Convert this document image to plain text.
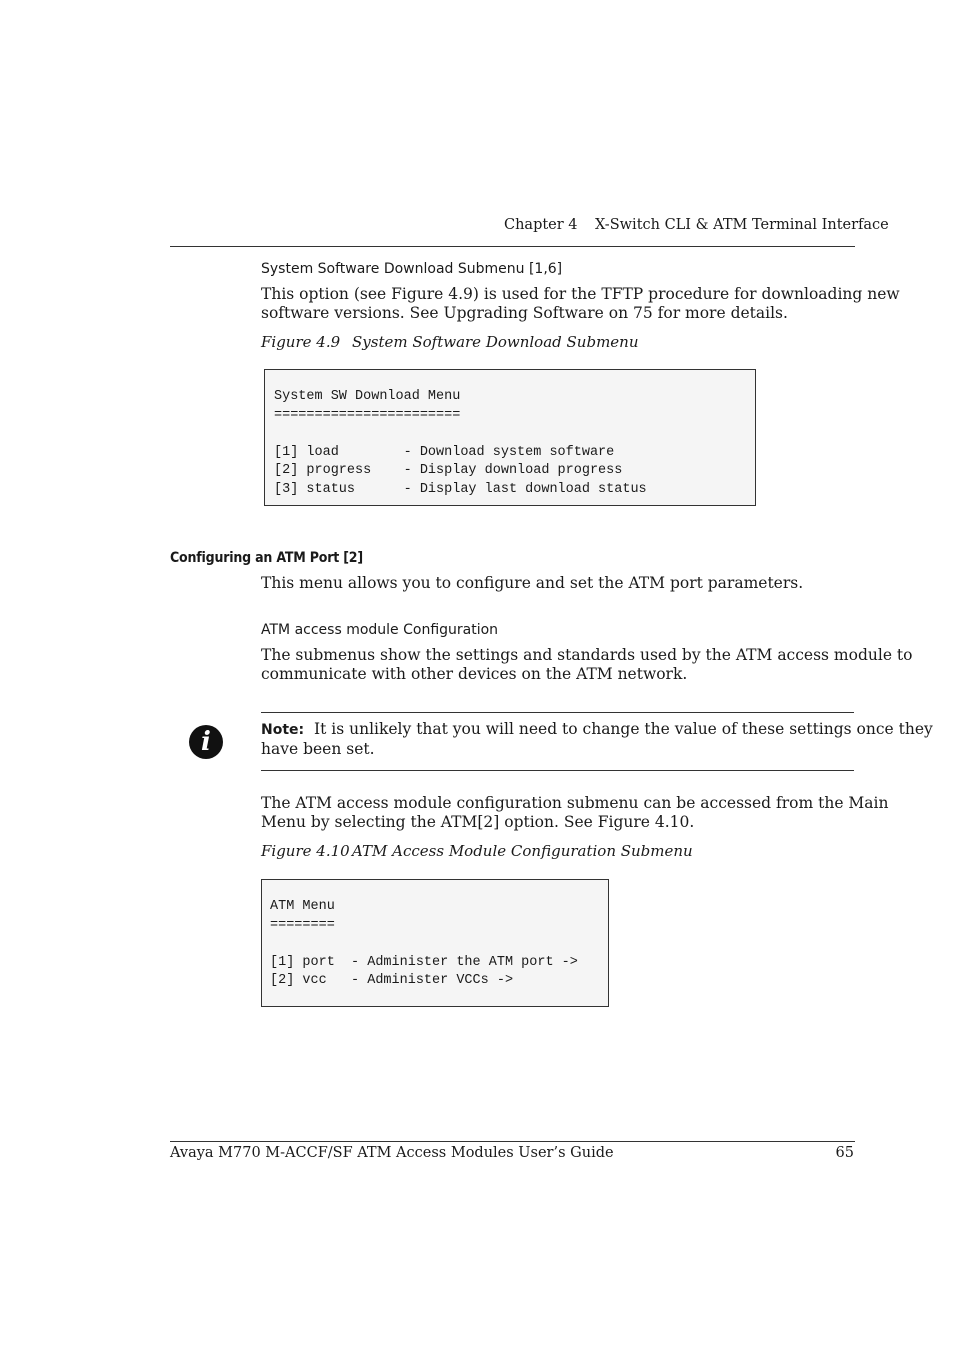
Chapter 4 X-Switch CLI & ATM Terminal Interface
System Software Download Submenu [1,6]
This option (see Figure 4.9) is used for the TFTP procedure for downloading new
software versions. See Upgrading Software on 75 for more details.
Figure 4.9 System Software Download Submenu
System SW Download Menu
=======================
[1] load        - Download system software
[2] progress    - Display download progress
[3] status      - Display last download status
Configuring an ATM Port [2]
This menu allows you to configure and set the ATM port parameters.
ATM access module Configuration
The submenus show the settings and standards used by the ATM access module to
communicate with other devices on the ATM network.
i	Note: It is unlikely that you will need to change the value of these settings once they
have been set.
The ATM access module configuration submenu can be accessed from the Main
Menu by selecting the ATM[2] option. See Figure 4.10.
Figure 4.10 ATM Access Module Configuration Submenu
ATM Menu
========
[1] port  - Administer the ATM port ->
[2] vcc   - Administer VCCs ->
Avaya M770 M-ACCF/SF ATM Access Modules User’s Guide	65
